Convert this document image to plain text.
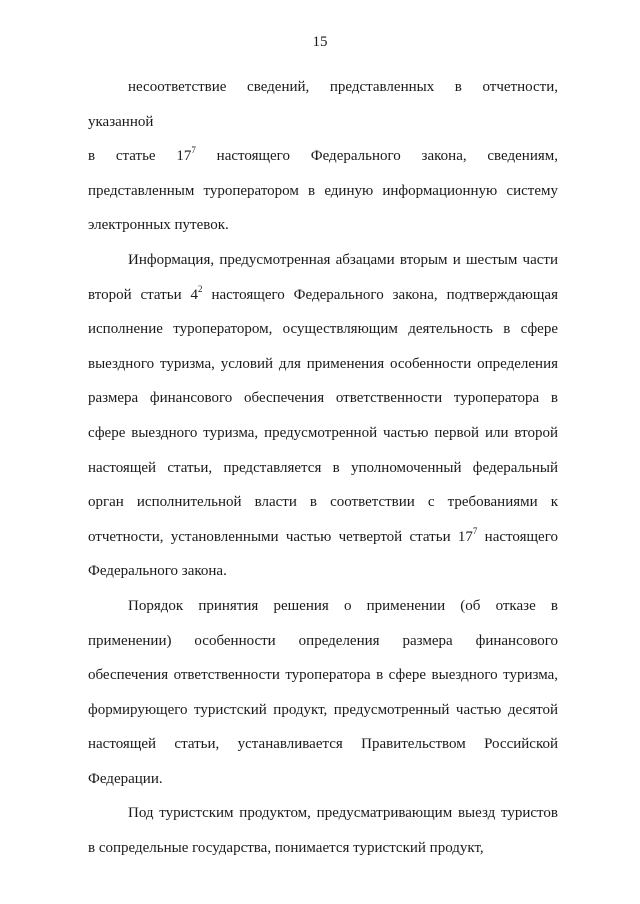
15
несоответствие сведений, представленных в отчетности, указанной
в статье $17^7$ настоящего Федерального закона, сведениям,
представленным туроператором в единую информационную систему
электронных путевок.
Информация, предусмотренная абзацами вторым и шестым части
второй статьи $4^2$ настоящего Федерального закона, подтверждающая
исполнение туроператором, осуществляющим деятельность в сфере
выездного туризма, условий для применения особенности определения
размера финансового обеспечения ответственности туроператора в
сфере выездного туризма, предусмотренной частью первой или второй
настоящей статьи, представляется в уполномоченный федеральный
орган исполнительной власти в соответствии с требованиями к
отчетности, установленными частью четвертой статьи $17^7$ настоящего
Федерального закона.
Порядок принятия решения о применении (об отказе в
применении) особенности определения размера финансового
обеспечения ответственности туроператора в сфере выездного туризма,
формирующего туристский продукт, предусмотренный частью десятой
настоящей статьи, устанавливается Правительством Российской
Федерации.
Под туристским продуктом, предусматривающим выезд туристов
в сопредельные государства, понимается туристский продукт,
